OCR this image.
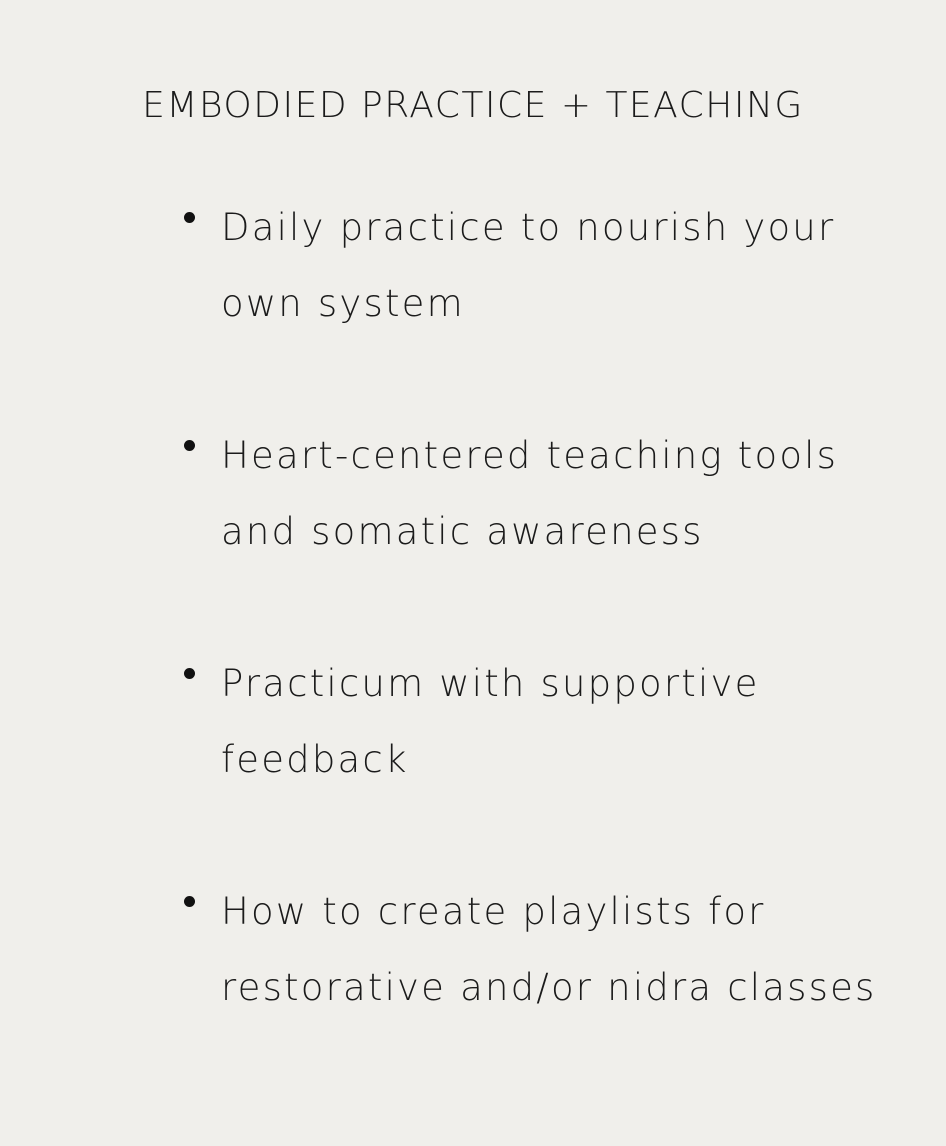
EMBODIED PRACTICE + TEACHING
Daily practice to nourish your
own system
Heart-centered teaching tools
and somatic awareness
Practicum with supportive
feedback
How to create playlists for
restorative and/or nidra classes
